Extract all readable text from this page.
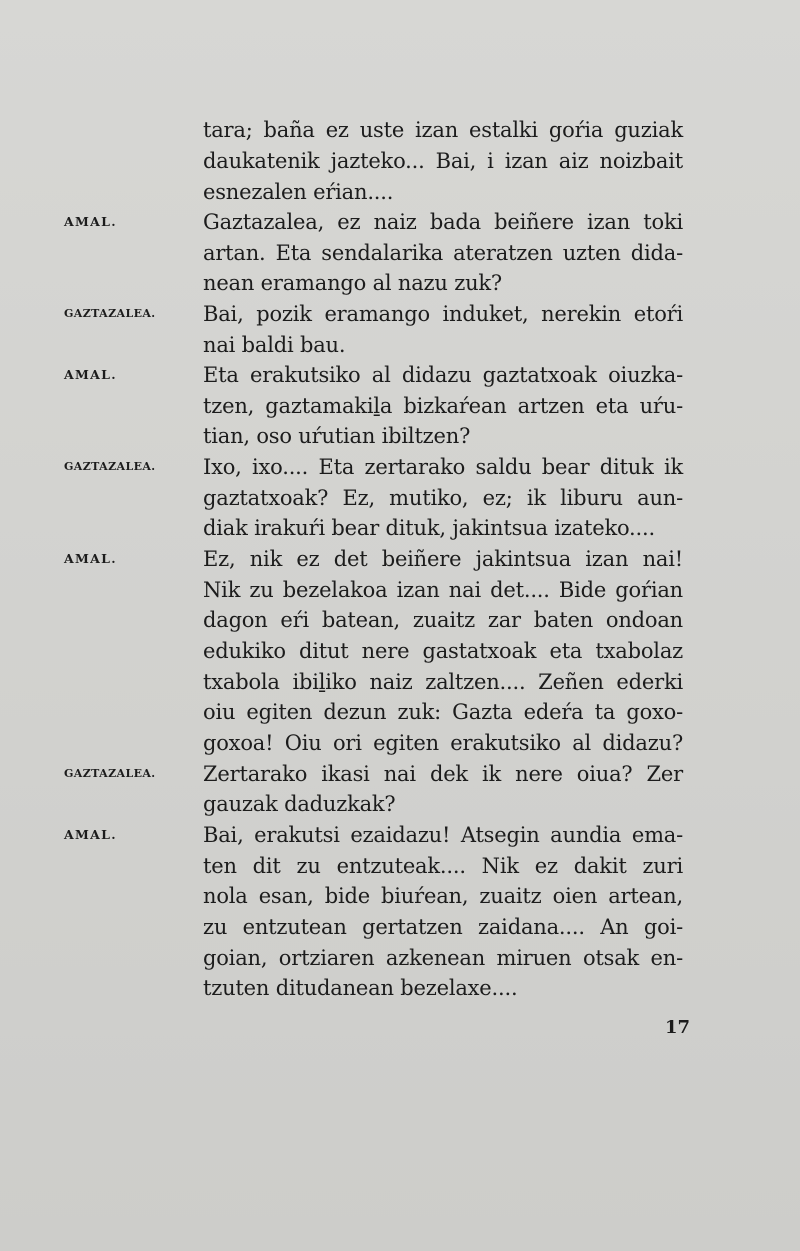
AMAL.
GAZTAZALEA.
AMAL.
GAZTAZALEA.
AMAL.
GAZTAZALEA.
AMAL.
tara; baña ez uste izan estalki goŕia guziak
daukatenik jazteko... Bai, i izan aiz noizbait
esnezalen eŕian....
Gaztazalea, ez naiz bada beiñere izan toki
artan. Eta sendalarika ateratzen uzten dida-
nean eramango al nazu zuk?
Bai, pozik eramango induket, nerekin etoŕi
nai baldi bau.
Eta erakutsiko al didazu gaztatxoak oiuzka-
tzen, gaztamakiḻa bizkaŕean artzen eta uŕu-
tian, oso uŕutian ibiltzen?
Ixo, ixo.... Eta zertarako saldu bear dituk ik
gaztatxoak? Ez, mutiko, ez; ik liburu aun-
diak irakuŕi bear dituk, jakintsua izateko....
Ez, nik ez det beiñere jakintsua izan nai!
Nik zu bezelakoa izan nai det.... Bide goŕian
dagon eŕi batean, zuaitz zar baten ondoan
edukiko ditut nere gastatxoak eta txabolaz
txabola ibiḻiko naiz zaltzen.... Zeñen ederki
oiu egiten dezun zuk: Gazta edeŕa ta goxo-
goxoa! Oiu ori egiten erakutsiko al didazu?
Zertarako ikasi nai dek ik nere oiua? Zer
gauzak daduzkak?
Bai, erakutsi ezaidazu! Atsegin aundia ema-
ten dit zu entzuteak.... Nik ez dakit zuri
nola esan, bide biuŕean, zuaitz oien artean,
zu entzutean gertatzen zaidana.... An goi-
goian, ortziaren azkenean miruen otsak en-
tzuten ditudanean bezelaxe....
17
